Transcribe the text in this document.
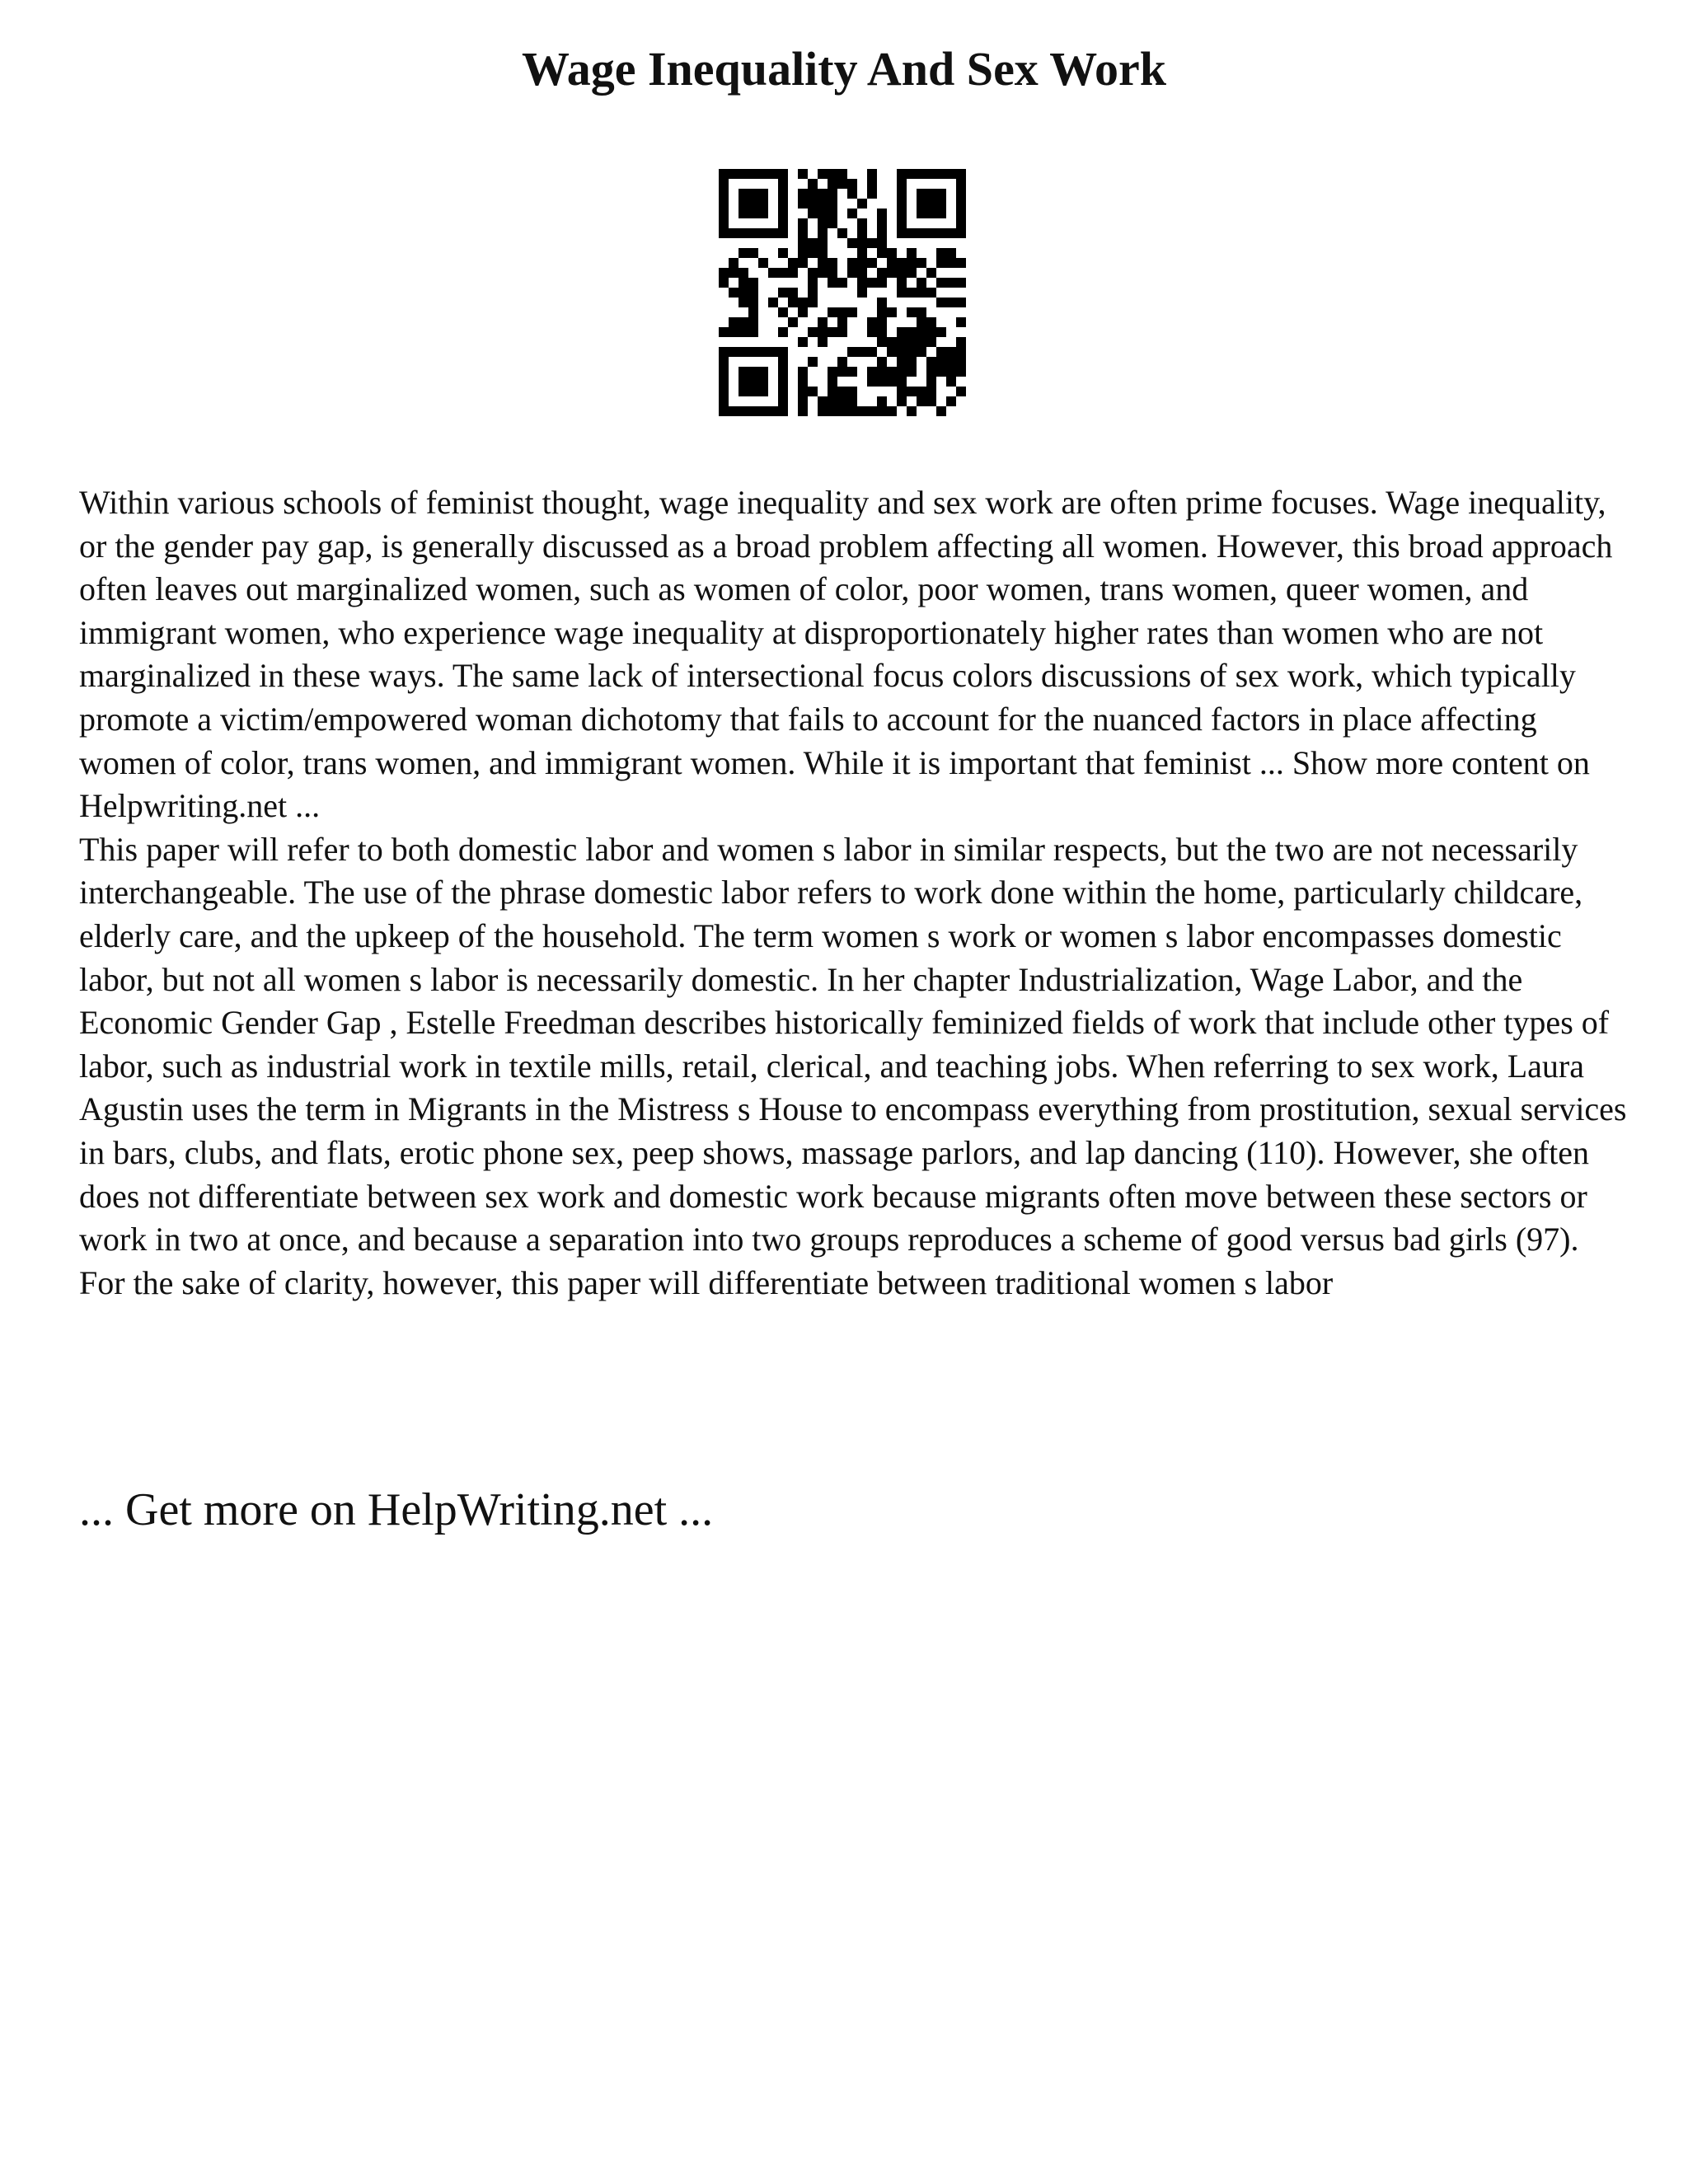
Wage Inequality And Sex Work

Within various schools of feminist thought, wage inequality and sex work are often prime focuses. Wage inequality, or the gender pay gap, is generally discussed as a broad problem affecting all women. However, this broad approach often leaves out marginalized women, such as women of color, poor women, trans women, queer women, and immigrant women, who experience wage inequality at disproportionately higher rates than women who are not marginalized in these ways. The same lack of intersectional focus colors discussions of sex work, which typically promote a victim/empowered woman dichotomy that fails to account for the nuanced factors in place affecting women of color, trans women, and immigrant women. While it is important that feminist ... Show more content on Helpwriting.net ...

This paper will refer to both domestic labor and women s labor in similar respects, but the two are not necessarily interchangeable. The use of the phrase domestic labor refers to work done within the home, particularly childcare, elderly care, and the upkeep of the household. The term women s work or women s labor encompasses domestic labor, but not all women s labor is necessarily domestic. In her chapter Industrialization, Wage Labor, and the Economic Gender Gap , Estelle Freedman describes historically feminized fields of work that include other types of labor, such as industrial work in textile mills, retail, clerical, and teaching jobs. When referring to sex work, Laura Agustin uses the term in Migrants in the Mistress s House to encompass everything from prostitution, sexual services in bars, clubs, and flats, erotic phone sex, peep shows, massage parlors, and lap dancing (110). However, she often does not differentiate between sex work and domestic work because migrants often move between these sectors or work in two at once, and because a separation into two groups reproduces a scheme of good versus bad girls (97). For the sake of clarity, however, this paper will differentiate between traditional women s labor

... Get more on HelpWriting.net ...
